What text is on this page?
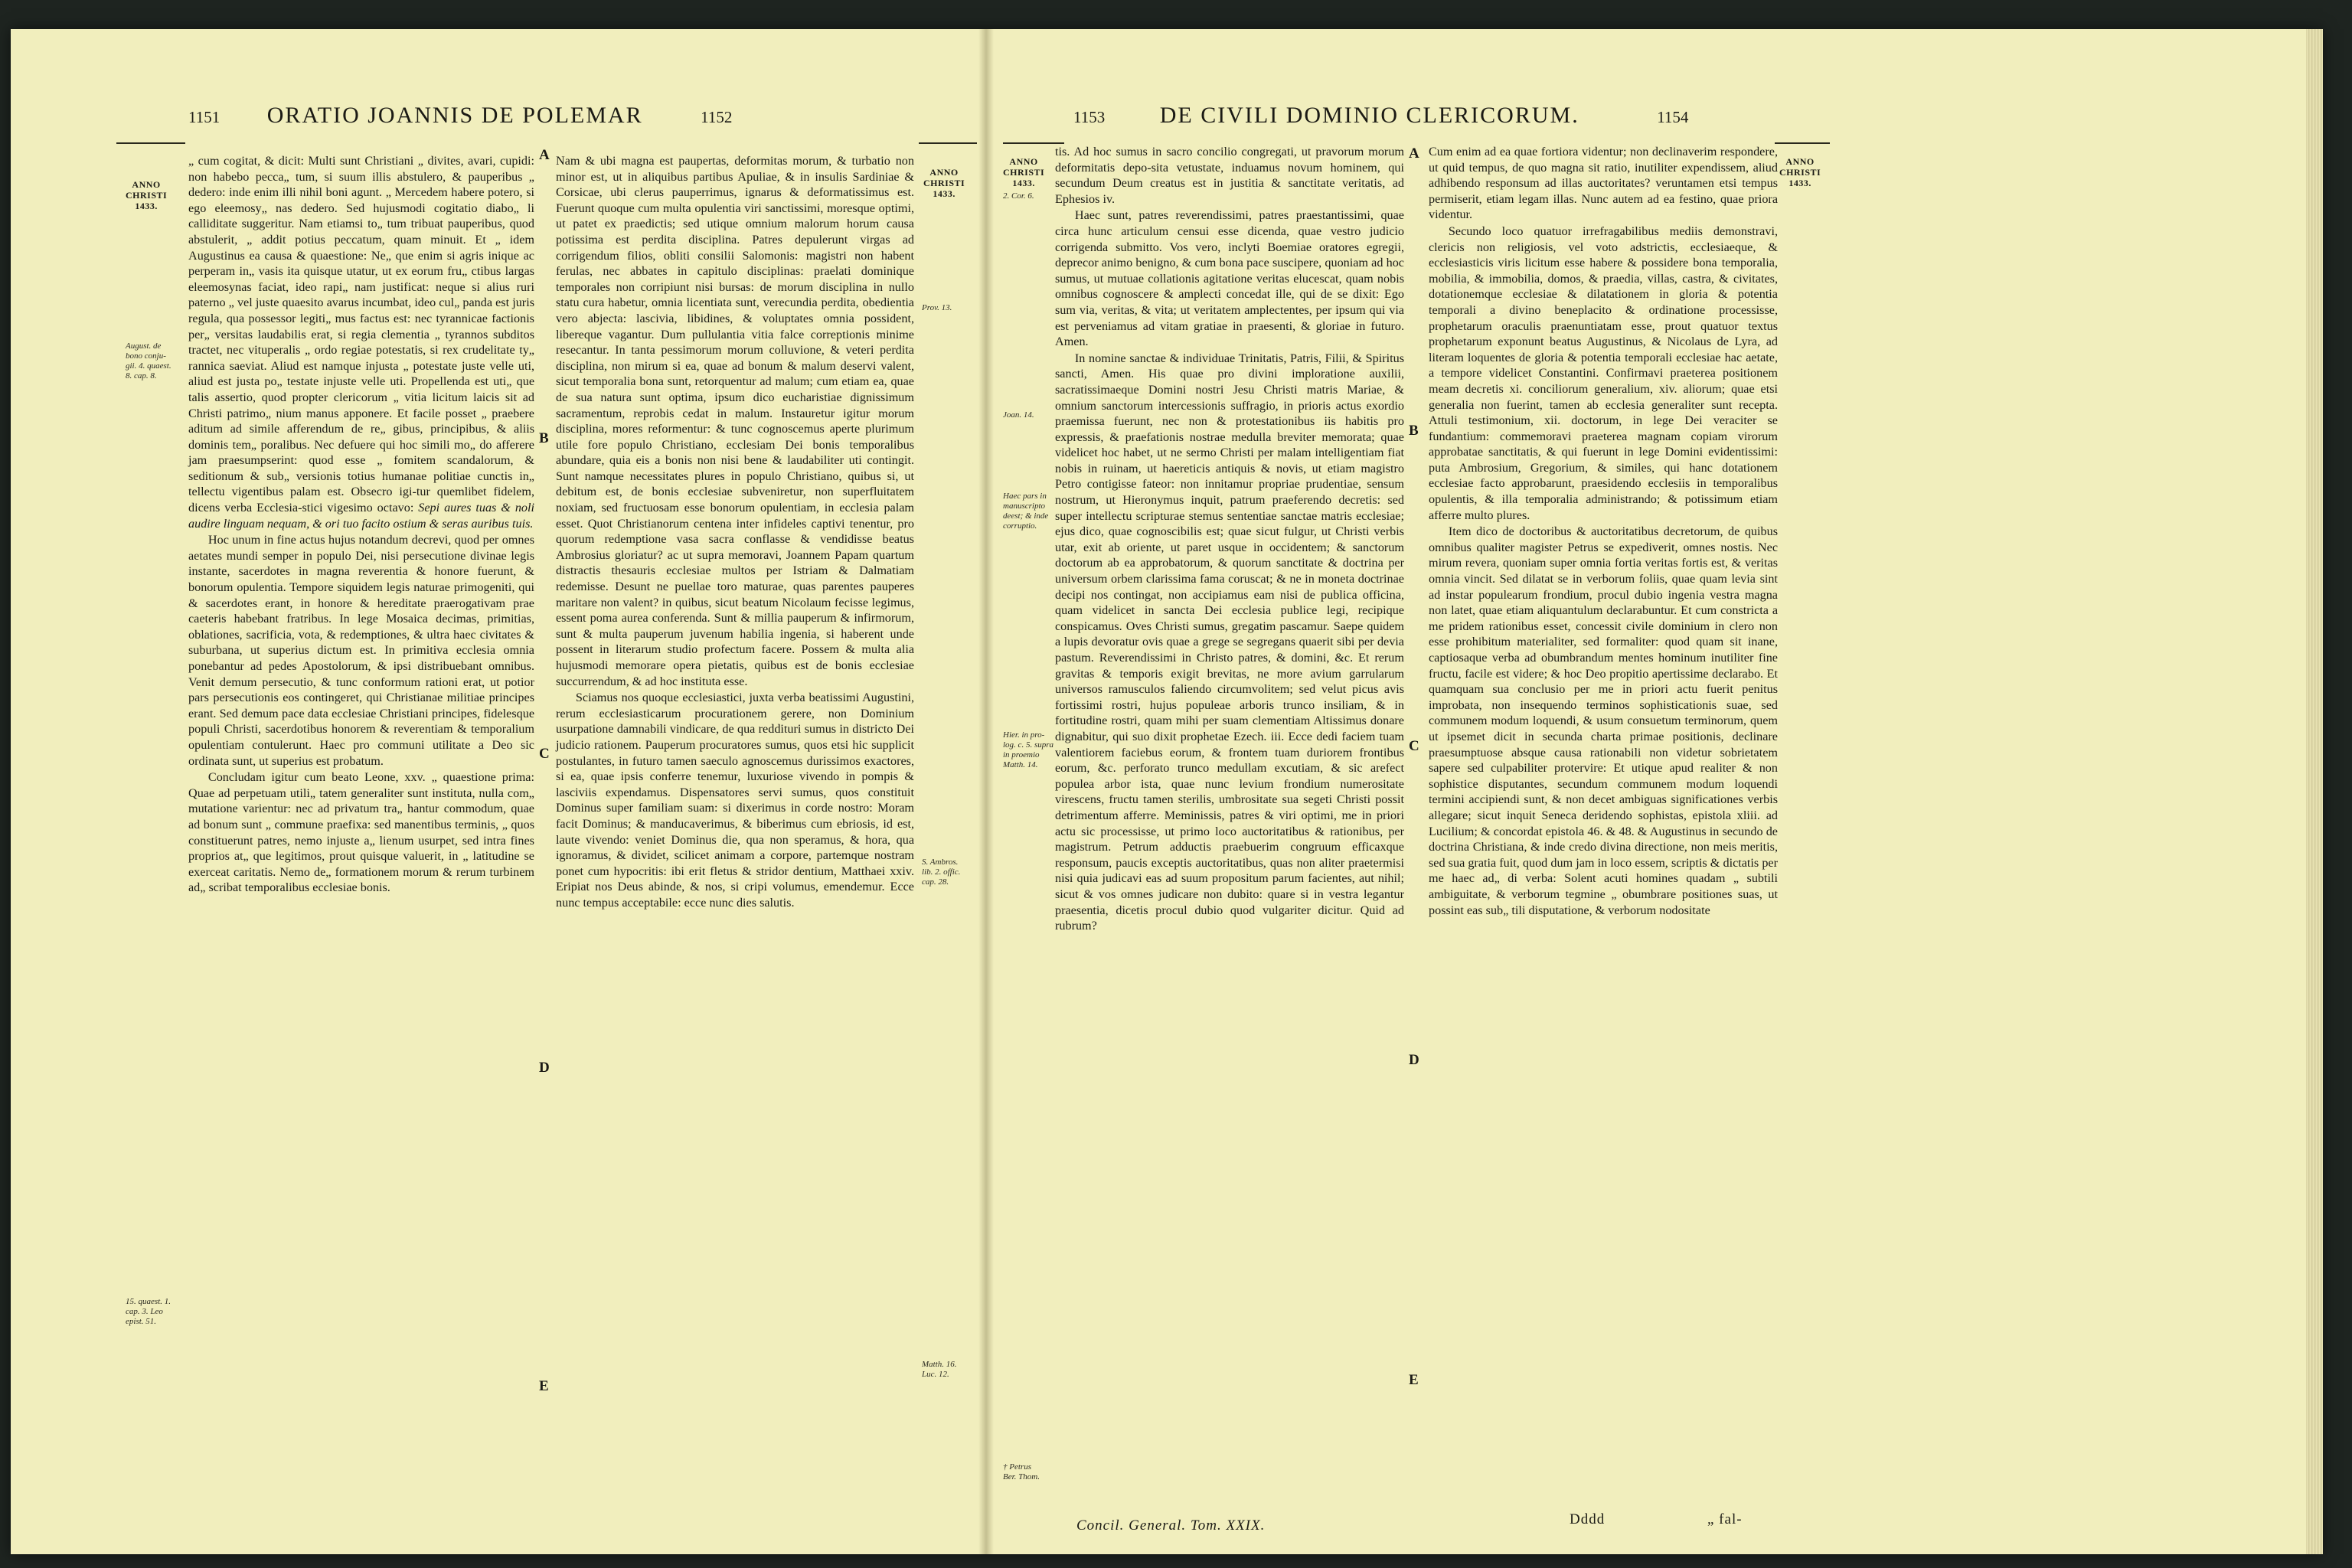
1151 ORATIO JOANNIS DE POLEMAR	1152
ANNO
CHRISTI
1433.
ANNO
CHRISTI
1433.
August. de
bono conju-
gii. 4. quaest.
8. cap. 8.
Prov. 13.
S. Ambros.
lib. 2. offic.
cap. 28.
15. quaest. 1.
cap. 3. Leo
epist. 51.
Matth. 16.
Luc. 12.
A
B
C
D
E

„ cum cogitat, & dicit: Multi sunt Christiani „ divites, avari, cupidi: non habebo pecca„ tum, si suum illis abstulero, & pauperibus „ dedero: inde enim illi nihil boni agunt. „ Mercedem habere potero, si ego eleemosy„ nas dedero. Sed hujusmodi cogitatio diabo„ li calliditate suggeritur. Nam etiamsi to„ tum tribuat pauperibus, quod abstulerit, „ addit potius peccatum, quam minuit. Et „ idem Augustinus ea causa & quaestione: Ne„ que enim si agris inique ac perperam in„ vasis ita quisque utatur, ut ex eorum fru„ ctibus largas eleemosynas faciat, ideo rapi„ nam justificat: neque si alius ruri paterno „ vel juste quaesito avarus incumbat, ideo cul„ panda est juris regula, qua possessor legiti„ mus factus est: nec tyrannicae factionis per„ versitas laudabilis erat, si regia clementia „ tyrannos subditos tractet, nec vituperalis „ ordo regiae potestatis, si rex crudelitate ty„ rannica saeviat. Aliud est namque injusta „ potestate juste velle uti, aliud est justa po„ testate injuste velle uti. Propellenda est uti„ que talis assertio, quod propter clericorum „ vitia licitum laicis sit ad Christi patrimo„ nium manus apponere. Et facile posset „ praebere aditum ad simile afferendum de re„ gibus, principibus, & aliis dominis tem„ poralibus. Nec defuere qui hoc simili mo„ do afferere jam praesumpserint: quod esse „ fomitem scandalorum, & seditionum & sub„ versionis totius humanae politiae cunctis in„ tellectu vigentibus palam est. Obsecro igi-tur quemlibet fidelem, dicens verba Ecclesia-stici vigesimo octavo: Sepi aures tuas & noli audire linguam nequam, & ori tuo facito ostium & seras auribus tuis.

Hoc unum in fine actus hujus notandum decrevi, quod per omnes aetates mundi semper in populo Dei, nisi persecutione divinae legis instante, sacerdotes in magna reverentia & honore fuerunt, & bonorum opulentia. Tempore siquidem legis naturae primogeniti, qui & sacerdotes erant, in honore & hereditate praerogativam prae caeteris habebant fratribus. In lege Mosaica decimas, primitias, oblationes, sacrificia, vota, & redemptiones, & ultra haec civitates & suburbana, ut superius dictum est. In primitiva ecclesia omnia ponebantur ad pedes Apostolorum, & ipsi distribuebant omnibus. Venit demum persecutio, & tunc conformum rationi erat, ut potior pars persecutionis eos contingeret, qui Christianae militiae principes erant. Sed demum pace data ecclesiae Christiani principes, fidelesque populi Christi, sacerdotibus honorem & reverentiam & temporalium opulentiam contulerunt. Haec pro communi utilitate a Deo sic ordinata sunt, ut superius est probatum.

Concludam igitur cum beato Leone, xxv. „ quaestione prima: Quae ad perpetuam utili„ tatem generaliter sunt instituta, nulla com„ mutatione varientur: nec ad privatum tra„ hantur commodum, quae ad bonum sunt „ commune praefixa: sed manentibus terminis, „ quos constituerunt patres, nemo injuste a„ lienum usurpet, sed intra fines proprios at„ que legitimos, prout quisque valuerit, in „ latitudine se exerceat caritatis. Nemo de„ formationem morum & rerum turbinem ad„ scribat temporalibus ecclesiae bonis.

Nam & ubi magna est paupertas, deformitas morum, & turbatio non minor est, ut in aliquibus partibus Apuliae, & in insulis Sardiniae & Corsicae, ubi clerus pauperrimus, ignarus & deformatissimus est. Fuerunt quoque cum multa opulentia viri sanctissimi, moresque optimi, ut patet ex praedictis; sed utique omnium malorum horum causa potissima est perdita disciplina. Patres depulerunt virgas ad corrigendum filios, obliti consilii Salomonis: magistri non habent ferulas, nec abbates in capitulo disciplinas: praelati dominique temporales non corripiunt nisi bursas: de morum disciplina in nullo statu cura habetur, omnia licentiata sunt, verecundia perdita, obedientia vero abjecta: lascivia, libidines, & voluptates omnia possident, libereque vagantur. Dum pullulantia vitia falce correptionis minime resecantur. In tanta pessimorum morum colluvione, & veteri perdita disciplina, non mirum si ea, quae ad bonum & malum deservi valent, sicut temporalia bona sunt, retorquentur ad malum; cum etiam ea, quae de sua natura sunt optima, ipsum dico eucharistiae dignissimum sacramentum, reprobis cedat in malum. Instauretur igitur morum disciplina, mores reformentur: & tunc cognoscemus aperte plurimum utile fore populo Christiano, ecclesiam Dei bonis temporalibus abundare, quia eis a bonis non nisi bene & laudabiliter uti contingit. Sunt namque necessitates plures in populo Christiano, quibus si, ut debitum est, de bonis ecclesiae subveniretur, non superfluitatem noxiam, sed fructuosam esse bonorum opulentiam, in ecclesia palam esset. Quot Christianorum centena inter infideles captivi tenentur, pro quorum redemptione vasa sacra conflasse & vendidisse beatus Ambrosius gloriatur? ac ut supra memoravi, Joannem Papam quartum distractis thesauris ecclesiae multos per Istriam & Dalmatiam redemisse. Desunt ne puellae toro maturae, quas parentes pauperes maritare non valent? in quibus, sicut beatum Nicolaum fecisse legimus, essent poma aurea conferenda. Sunt & millia pauperum & infirmorum, sunt & multa pauperum juvenum habilia ingenia, si haberent unde possent in literarum studio profectum facere. Possem & multa alia hujusmodi memorare opera pietatis, quibus est de bonis ecclesiae succurrendum, & ad hoc instituta esse.

Sciamus nos quoque ecclesiastici, juxta verba beatissimi Augustini, rerum ecclesiasticarum procurationem gerere, non Dominium usurpatione damnabili vindicare, de qua reddituri sumus in districto Dei judicio rationem. Pauperum procuratores sumus, quos etsi hic supplicit postulantes, in futuro tamen saeculo agnoscemus durissimos exactores, si ea, quae ipsis conferre tenemur, luxuriose vivendo in pompis & lasciviis expendamus. Dispensatores servi sumus, quos constituit Dominus super familiam suam: si dixerimus in corde nostro: Moram facit Dominus; & manducaverimus, & biberimus cum ebriosis, id est, laute vivendo: veniet Dominus die, qua non speramus, & hora, qua ignoramus, & dividet, scilicet animam a corpore, partemque nostram ponet cum hypocritis: ibi erit fletus & stridor dentium, Matthaei xxiv. Eripiat nos Deus abinde, & nos, si cripi volumus, emendemur. Ecce nunc tempus acceptabile: ecce nunc dies salutis.

1153 DE CIVILI DOMINIO CLERICORUM.	1154
ANNO
CHRISTI
1433.
ANNO
CHRISTI
1433.
2. Cor. 6.
Joan. 14.
Haec pars in
manuscripto
deest; & inde
corruptio.
Hier. in pro-
log. c. 5. supra
in proemio
Matth. 14.
† Petrus
Ber. Thom.
A
B
C
D
E

tis. Ad hoc sumus in sacro concilio congregati, ut pravorum morum deformitatis depo-sita vetustate, induamus novum hominem, qui secundum Deum creatus est in justitia & sanctitate veritatis, ad Ephesios iv.

Haec sunt, patres reverendissimi, patres praestantissimi, quae circa hunc articulum censui esse dicenda, quae vestro judicio corrigenda submitto. Vos vero, inclyti Boemiae oratores egregii, deprecor animo benigno, & cum bona pace suscipere, quoniam ad hoc sumus, ut mutuae collationis agitatione veritas elucescat, quam nobis omnibus cognoscere & amplecti concedat ille, qui de se dixit: Ego sum via, veritas, & vita; ut veritatem amplectentes, per ipsum qui via est perveniamus ad vitam gratiae in praesenti, & gloriae in futuro. Amen.

In nomine sanctae & individuae Trinitatis, Patris, Filii, & Spiritus sancti, Amen. His quae pro divini imploratione auxilii, sacratissimaeque Domini nostri Jesu Christi matris Mariae, & omnium sanctorum intercessionis suffragio, in prioris actus exordio praemissa fuerunt, nec non & protestationibus iis habitis pro expressis, & praefationis nostrae medulla breviter memorata; quae videlicet hoc habet, ut ne sermo Christi per malam intelligentiam fiat nobis in ruinam, ut haereticis antiquis & novis, ut etiam magistro Petro contigisse fateor: non innitamur propriae prudentiae, sensum nostrum, ut Hieronymus inquit, patrum praeferendo decretis: sed super intellectu scripturae stemus sententiae sanctae matris ecclesiae; ejus dico, quae cognoscibilis est; quae sicut fulgur, ut Christi verbis utar, exit ab oriente, ut paret usque in occidentem; & sanctorum doctorum ab ea approbatorum, & quorum sanctitate & doctrina per universum orbem clarissima fama coruscat; & ne in moneta doctrinae decipi nos contingat, non accipiamus eam nisi de publica officina, quam videlicet in sancta Dei ecclesia publice legi, recipique conspicamus. Oves Christi sumus, gregatim pascamur. Saepe quidem a lupis devoratur ovis quae a grege se segregans quaerit sibi per devia pastum. Reverendissimi in Christo patres, & domini, &c. Et rerum gravitas & temporis exigit brevitas, ne more avium garrularum universos ramusculos faliendo circumvolitem; sed velut picus avis fortissimi rostri, hujus populeae arboris trunco insiliam, & in fortitudine rostri, quam mihi per suam clementiam Altissimus donare dignabitur, qui suo dixit prophetae Ezech. iii. Ecce dedi faciem tuam valentiorem faciebus eorum, & frontem tuam duriorem frontibus eorum, &c. perforato trunco medullam excutiam, & sic arefect populea arbor ista, quae nunc levium frondium numerositate virescens, fructu tamen sterilis, umbrositate sua segeti Christi possit detrimentum afferre. Meminissis, patres & viri optimi, me in priori actu sic processisse, ut primo loco auctoritatibus & rationibus, per magistrum. Petrum adductis praebuerim congruum efficaxque responsum, paucis exceptis auctoritatibus, quas non aliter praetermisi nisi quia judicavi eas ad suum propositum parum facientes, aut nihil; sicut & vos omnes judicare non dubito: quare si in vestra legantur praesentia, dicetis procul dubio quod vulgariter dicitur. Quid ad rubrum?

Cum enim ad ea quae fortiora videntur; non declinaverim respondere, ut quid tempus, de quo magna sit ratio, inutiliter expendissem, aliud adhibendo responsum ad illas auctoritates? veruntamen etsi tempus permiserit, etiam legam illas. Nunc autem ad ea festino, quae priora videntur.

Secundo loco quatuor irrefragabilibus mediis demonstravi, clericis non religiosis, vel voto adstrictis, ecclesiaeque, & ecclesiasticis viris licitum esse habere & possidere bona temporalia, mobilia, & immobilia, domos, & praedia, villas, castra, & civitates, dotationemque ecclesiae & dilatationem in gloria & potentia temporali a divino beneplacito & ordinatione processisse, prophetarum oraculis praenuntiatam esse, prout quatuor textus prophetarum exponunt beatus Augustinus, & Nicolaus de Lyra, ad literam loquentes de gloria & potentia temporali ecclesiae hac aetate, a tempore videlicet Constantini. Confirmavi praeterea positionem meam decretis xi. conciliorum generalium, xiv. aliorum; quae etsi generalia non fuerint, tamen ab ecclesia generaliter sunt recepta. Attuli testimonium, xii. doctorum, in lege Dei veraciter se fundantium: commemoravi praeterea magnam copiam virorum approbatae sanctitatis, & qui fuerunt in lege Domini evidentissimi: puta Ambrosium, Gregorium, & similes, qui hanc dotationem ecclesiae facto approbarunt, praesidendo ecclesiis in temporalibus opulentis, & illa temporalia administrando; & potissimum etiam afferre multo plures.

Item dico de doctoribus & auctoritatibus decretorum, de quibus omnibus qualiter magister Petrus se expediverit, omnes nostis. Nec mirum revera, quoniam super omnia fortia veritas fortis est, & veritas omnia vincit. Sed dilatat se in verborum foliis, quae quam levia sint ad instar populearum frondium, procul dubio ingenia vestra magna non latet, quae etiam aliquantulum declarabuntur. Et cum constricta a me pridem rationibus esset, concessit civile dominium in clero non esse prohibitum materialiter, sed formaliter: quod quam sit inane, captiosaque verba ad obumbrandum mentes hominum inutiliter fine fructu, facile est videre; & hoc Deo propitio apertissime declarabo. Et quamquam sua conclusio per me in priori actu fuerit penitus improbata, non insequendo terminos sophisticationis suae, sed communem modum loquendi, & usum consuetum terminorum, quem ut ipsemet dicit in secunda charta primae positionis, declinare praesumptuose absque causa rationabili non videtur sobrietatem sapere sed culpabiliter protervire: Et utique apud realiter & non sophistice disputantes, secundum communem modum loquendi termini accipiendi sunt, & non decet ambiguas significationes verbis allegare; sicut inquit Seneca deridendo sophistas, epistola xliii. ad Lucilium; & concordat epistola 46. & 48. & Augustinus in secundo de doctrina Christiana, & inde credo divina directione, non meis meritis, sed sua gratia fuit, quod dum jam in loco essem, scriptis & dictatis per me haec ad„ di verba: Solent acuti homines quadam „ subtili ambiguitate, & verborum tegmine „ obumbrare positiones suas, ut possint eas sub„ tili disputatione, & verborum nodositate

Concil. General. Tom. XXIX.	Dddd	„ fal-
